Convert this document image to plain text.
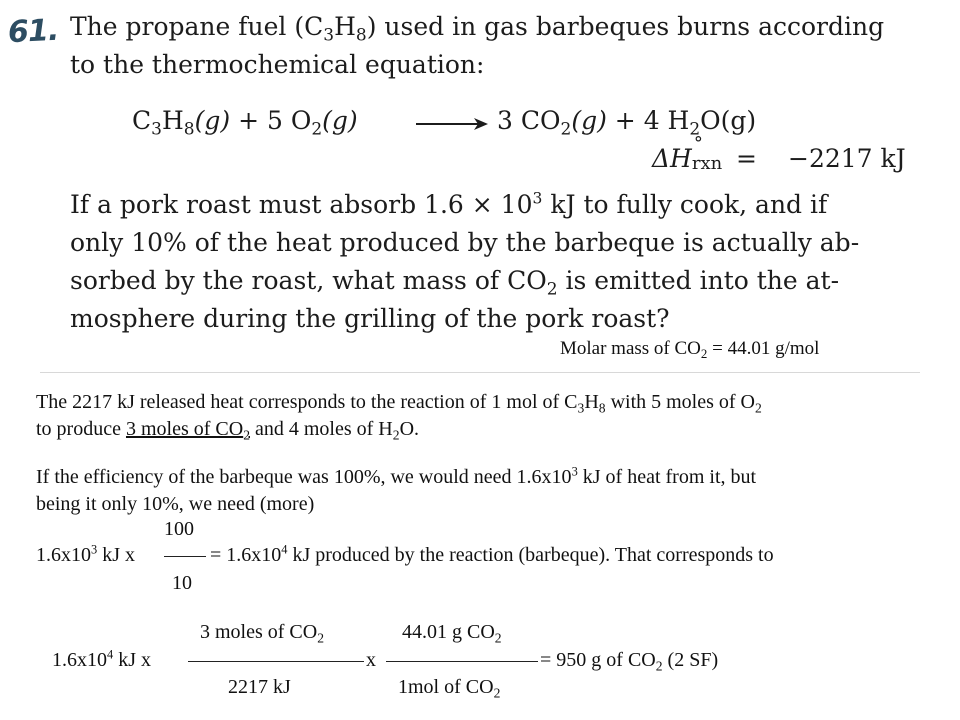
61. The propane fuel $(C_3H_8)$ used in gas barbeques burns according
to the thermochemical equation:
$C_3H_8(g) + 5$ $O_2(g)$	3 $CO_2(g) + 4$ $H_2O(g)$
ΔH
°
rxn = −2217 kJ
If a pork roast must absorb $1.6 \times 10^3$ kJ to fully cook, and if
only 10% of the heat produced by the barbeque is actually ab-
sorbed by the roast, what mass of $CO_2$ is emitted into the at-
mosphere during the grilling of the pork roast?
Molar mass of $CO_2 = 44.01$ g/mol
The 2217 kJ released heat corresponds to the reaction of 1 mol of $C_3H_8$ with 5 moles of $O_2$
to produce 3 moles of $CO_2$ and 4 moles of $H_2O$.
If the efficiency of the barbeque was 100%, we would need $1.6x10^3$ kJ of heat from it, but
being it only 10%, we need (more)
100
$1.6x10^3$ kJ x	= $1.6x10^4$ kJ produced by the reaction (barbeque). That corresponds to
10
3 moles of $CO_2$	44.01 g $CO_2$
$1.6x10^4$ kJ x	x	= 950 g of $CO_2$ (2 SF)
2217 kJ	1mol of $CO_2$
